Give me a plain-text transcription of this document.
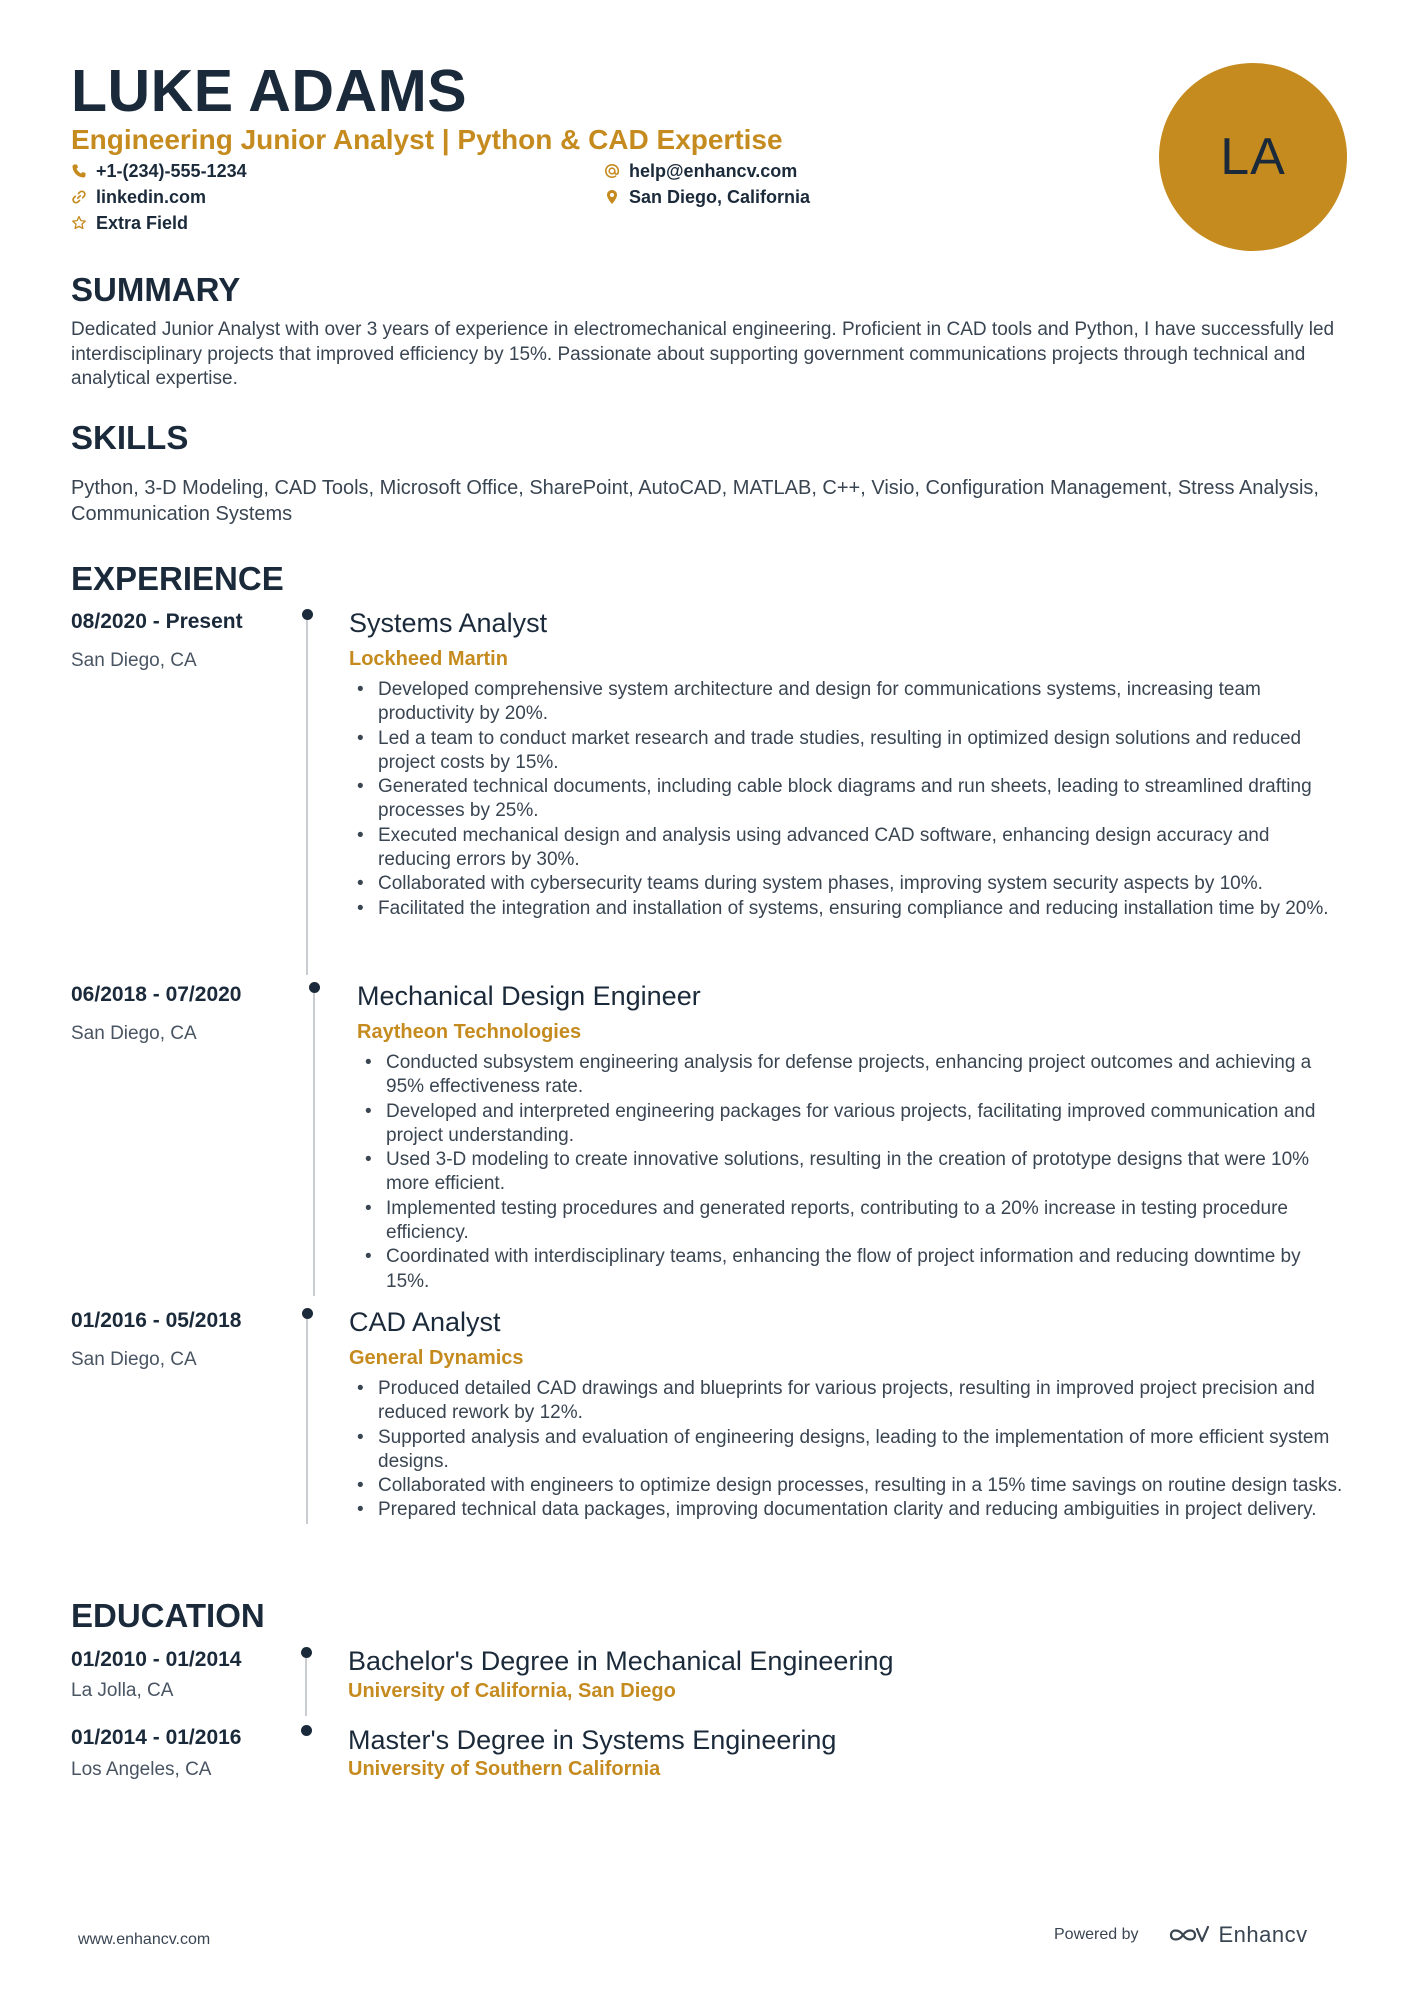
LUKE ADAMS
Engineering Junior Analyst | Python & CAD Expertise
+1-(234)-555-1234	help@enhancv.com
linkedin.com	San Diego, California
Extra Field
LA
SUMMARY
Dedicated Junior Analyst with over 3 years of experience in electromechanical engineering. Proficient in CAD tools and Python, I have successfully led interdisciplinary projects that improved efficiency by 15%. Passionate about supporting government communications projects through technical and analytical expertise.
SKILLS
Python, 3-D Modeling, CAD Tools, Microsoft Office, SharePoint, AutoCAD, MATLAB, C++, Visio, Configuration Management, Stress Analysis, Communication Systems
EXPERIENCE
08/2020 - Present
San Diego, CA
Systems Analyst
Lockheed Martin
• Developed comprehensive system architecture and design for communications systems, increasing team productivity by 20%.
• Led a team to conduct market research and trade studies, resulting in optimized design solutions and reduced project costs by 15%.
• Generated technical documents, including cable block diagrams and run sheets, leading to streamlined drafting processes by 25%.
• Executed mechanical design and analysis using advanced CAD software, enhancing design accuracy and reducing errors by 30%.
• Collaborated with cybersecurity teams during system phases, improving system security aspects by 10%.
• Facilitated the integration and installation of systems, ensuring compliance and reducing installation time by 20%.
06/2018 - 07/2020
San Diego, CA
Mechanical Design Engineer
Raytheon Technologies
• Conducted subsystem engineering analysis for defense projects, enhancing project outcomes and achieving a 95% effectiveness rate.
• Developed and interpreted engineering packages for various projects, facilitating improved communication and project understanding.
• Used 3-D modeling to create innovative solutions, resulting in the creation of prototype designs that were 10% more efficient.
• Implemented testing procedures and generated reports, contributing to a 20% increase in testing procedure efficiency.
• Coordinated with interdisciplinary teams, enhancing the flow of project information and reducing downtime by 15%.
01/2016 - 05/2018
San Diego, CA
CAD Analyst
General Dynamics
• Produced detailed CAD drawings and blueprints for various projects, resulting in improved project precision and reduced rework by 12%.
• Supported analysis and evaluation of engineering designs, leading to the implementation of more efficient system designs.
• Collaborated with engineers to optimize design processes, resulting in a 15% time savings on routine design tasks.
• Prepared technical data packages, improving documentation clarity and reducing ambiguities in project delivery.
EDUCATION
01/2010 - 01/2014
La Jolla, CA
Bachelor's Degree in Mechanical Engineering
University of California, San Diego
01/2014 - 01/2016
Los Angeles, CA
Master's Degree in Systems Engineering
University of Southern California
www.enhancv.com	Powered by	Enhancv
